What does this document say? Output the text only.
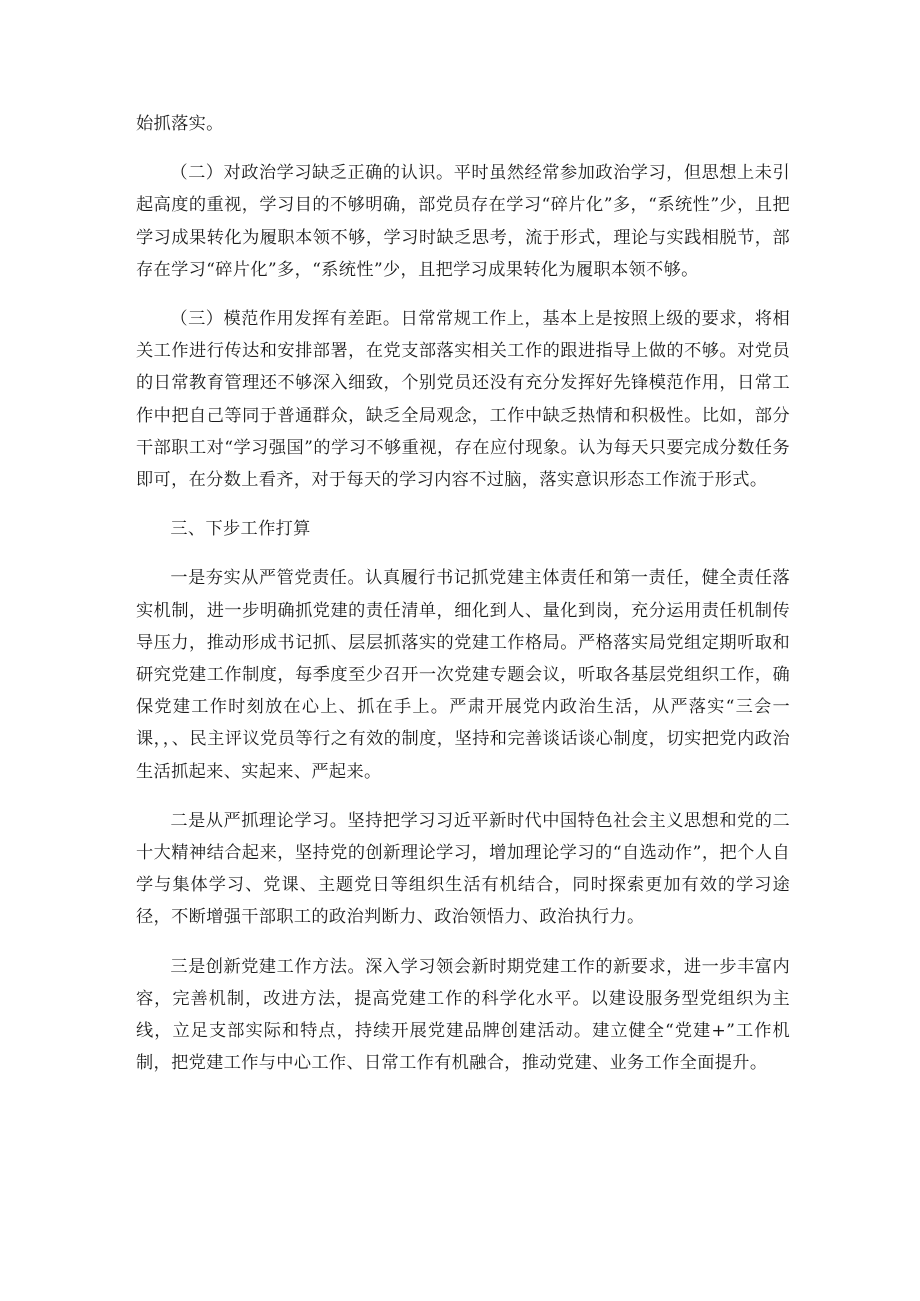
始抓落实。

（二）对政治学习缺乏正确的认识。平时虽然经常参加政治学习，但思想上未引起高度的重视，学习目的不够明确，部党员存在学习“碎片化”多，“系统性”少，且把学习成果转化为履职本领不够，学习时缺乏思考，流于形式，理论与实践相脱节，部存在学习“碎片化”多，“系统性”少，且把学习成果转化为履职本领不够。

（三）模范作用发挥有差距。日常常规工作上，基本上是按照上级的要求，将相关工作进行传达和安排部署，在党支部落实相关工作的跟进指导上做的不够。对党员的日常教育管理还不够深入细致，个别党员还没有充分发挥好先锋模范作用，日常工作中把自己等同于普通群众，缺乏全局观念，工作中缺乏热情和积极性。比如，部分干部职工对“学习强国”的学习不够重视，存在应付现象。认为每天只要完成分数任务即可，在分数上看齐，对于每天的学习内容不过脑，落实意识形态工作流于形式。

三、下步工作打算

一是夯实从严管党责任。认真履行书记抓党建主体责任和第一责任，健全责任落实机制，进一步明确抓党建的责任清单，细化到人、量化到岗，充分运用责任机制传导压力，推动形成书记抓、层层抓落实的党建工作格局。严格落实局党组定期听取和研究党建工作制度，每季度至少召开一次党建专题会议，听取各基层党组织工作，确保党建工作时刻放在心上、抓在手上。严肃开展党内政治生活，从严落实“三会一课，，、民主评议党员等行之有效的制度，坚持和完善谈话谈心制度，切实把党内政治生活抓起来、实起来、严起来。

二是从严抓理论学习。坚持把学习习近平新时代中国特色社会主义思想和党的二十大精神结合起来，坚持党的创新理论学习，增加理论学习的“自选动作”，把个人自学与集体学习、党课、主题党日等组织生活有机结合，同时探索更加有效的学习途径，不断增强干部职工的政治判断力、政治领悟力、政治执行力。

三是创新党建工作方法。深入学习领会新时期党建工作的新要求，进一步丰富内容，完善机制，改进方法，提高党建工作的科学化水平。以建设服务型党组织为主线，立足支部实际和特点，持续开展党建品牌创建活动。建立健全“党建+”工作机制，把党建工作与中心工作、日常工作有机融合，推动党建、业务工作全面提升。
